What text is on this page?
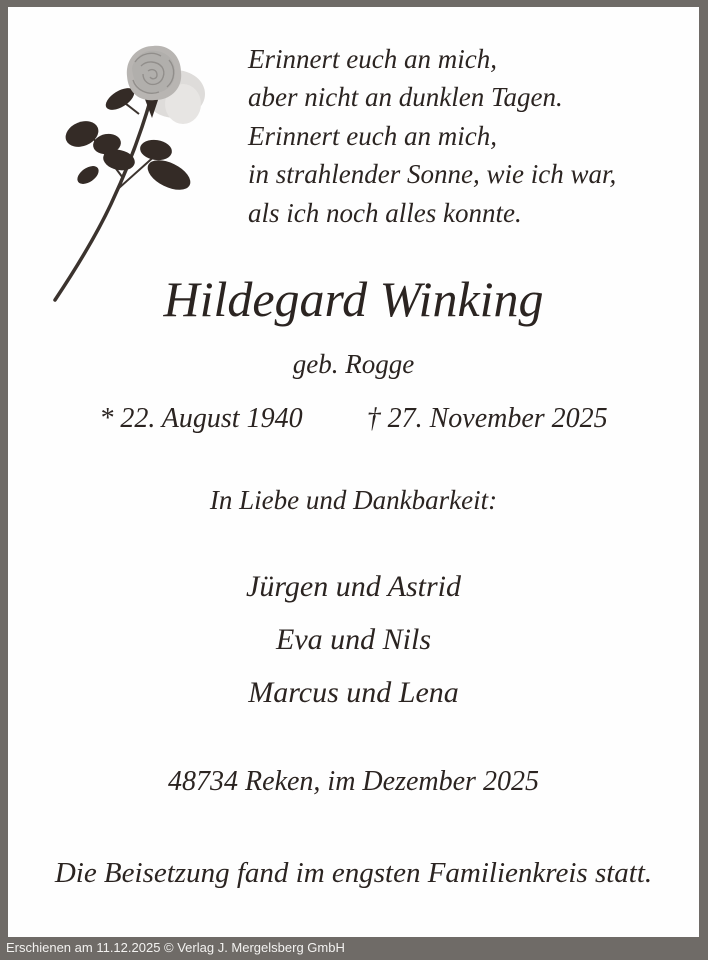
Erinnert euch an mich,
aber nicht an dunklen Tagen.
Erinnert euch an mich,
in strahlender Sonne, wie ich war,
als ich noch alles konnte.
Hildegard Winking
geb. Rogge
* 22. August 1940 † 27. November 2025
In Liebe und Dankbarkeit:
Jürgen und Astrid
Eva und Nils
Marcus und Lena
48734 Reken, im Dezember 2025
Die Beisetzung fand im engsten Familienkreis statt.
Erschienen am 11.12.2025 © Verlag J. Mergelsberg GmbH
